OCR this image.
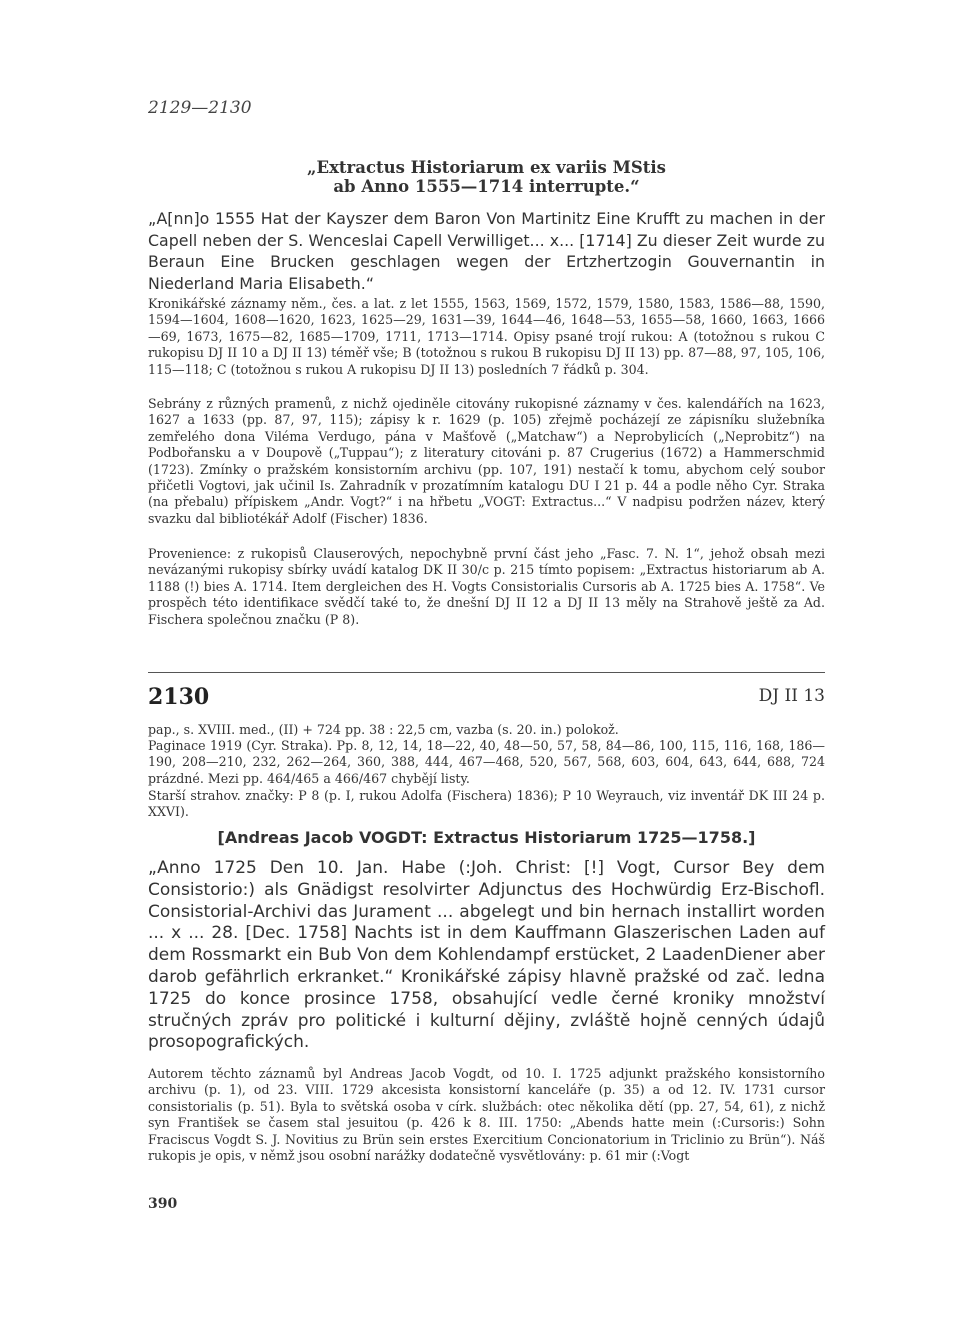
2129—2130
„Extractus Historiarum ex variis MStis
ab Anno 1555—1714 interrupte.“
„A[nn]o 1555 Hat der Kayszer dem Baron Von Martinitz Eine Krufft zu machen in der Capell neben der S. Wenceslai Capell Verwilliget... x... [1714] Zu dieser Zeit wurde zu Beraun Eine Brucken geschlagen wegen der Ertzhertzogin Gouvernantin in Niederland Maria Elisabeth.“
Kronikářské záznamy něm., čes. a lat. z let 1555, 1563, 1569, 1572, 1579, 1580, 1583, 1586—88, 1590, 1594—1604, 1608—1620, 1623, 1625—29, 1631—39, 1644—46, 1648—53, 1655—58, 1660, 1663, 1666—69, 1673, 1675—82, 1685—1709, 1711, 1713—1714. Opisy psané trojí rukou: A (totožnou s rukou C rukopisu DJ II 10 a DJ II 13) téměř vše; B (totožnou s rukou B rukopisu DJ II 13) pp. 87—88, 97, 105, 106, 115—118; C (totožnou s rukou A rukopisu DJ II 13) posledních 7 řádků p. 304.
Sebrány z různých pramenů, z nichž ojediněle citovány rukopisné záznamy v čes. kalendářích na 1623, 1627 a 1633 (pp. 87, 97, 115); zápisy k r. 1629 (p. 105) zřejmě pocházejí ze zápisníku služebníka zemřelého dona Viléma Verdugo, pána v Mašťově („Matchaw“) a Neprobylicích („Neprobitz“) na Podbořansku a v Doupově („Tuppau“); z literatury citováni p. 87 Crugerius (1672) a Hammerschmid (1723). Zmínky o pražském konsistorním archivu (pp. 107, 191) nestačí k tomu, abychom celý soubor přičetli Vogtovi, jak učinil Is. Zahradník v prozatímním katalogu DU I 21 p. 44 a podle něho Cyr. Straka (na přebalu) přípiskem „Andr. Vogt?“ i na hřbetu „VOGT: Extractus...“ V nadpisu podržen název, který svazku dal bibliotékář Adolf (Fischer) 1836.
Provenience: z rukopisů Clauserových, nepochybně první část jeho „Fasc. 7. N. 1“, jehož obsah mezi nevázanými rukopisy sbírky uvádí katalog DK II 30/c p. 215 tímto popisem: „Extractus historiarum ab A. 1188 (!) bies A. 1714. Item dergleichen des H. Vogts Consistorialis Cursoris ab A. 1725 bies A. 1758“. Ve prospěch této identifikace svědčí také to, že dnešní DJ II 12 a DJ II 13 měly na Strahově ještě za Ad. Fischera společnou značku (P 8).
2130	DJ II 13
pap., s. XVIII. med., (II) + 724 pp. 38 : 22,5 cm, vazba (s. 20. in.) polokož.
Paginace 1919 (Cyr. Straka). Pp. 8, 12, 14, 18—22, 40, 48—50, 57, 58, 84—86, 100, 115, 116, 168, 186—190, 208—210, 232, 262—264, 360, 388, 444, 467—468, 520, 567, 568, 603, 604, 643, 644, 688, 724 prázdné. Mezi pp. 464/465 a 466/467 chybějí listy.
Starší strahov. značky: P 8 (p. I, rukou Adolfa (Fischera) 1836); P 10 Weyrauch, viz inventář DK III 24 p. XXVI).
[Andreas Jacob VOGDT: Extractus Historiarum 1725—1758.]
„Anno 1725 Den 10. Jan. Habe (:Joh. Christ: [!] Vogt, Cursor Bey dem Consistorio:) als Gnädigst resolvirter Adjunctus des Hochwürdig Erz-Bischofl. Consistorial-Archivi das Jurament ... abgelegt und bin hernach installirt worden ... x ... 28. [Dec. 1758] Nachts ist in dem Kauffmann Glaszerischen Laden auf dem Rossmarkt ein Bub Von dem Kohlendampf erstücket, 2 LaadenDiener aber darob gefährlich erkranket.“ Kronikářské zápisy hlavně pražské od zač. ledna 1725 do konce prosince 1758, obsahující vedle černé kroniky množství stručných zpráv pro politické i kulturní dějiny, zvláště hojně cenných údajů prosopografických.
Autorem těchto záznamů byl Andreas Jacob Vogdt, od 10. I. 1725 adjunkt pražského konsistorního archivu (p. 1), od 23. VIII. 1729 akcesista konsistorní kanceláře (p. 35) a od 12. IV. 1731 cursor consistorialis (p. 51). Byla to světská osoba v círk. službách: otec několika dětí (pp. 27, 54, 61), z nichž syn František se časem stal jesuitou (p. 426 k 8. III. 1750: „Abends hatte mein (:Cursoris:) Sohn Fraciscus Vogdt S. J. Novitius zu Brün sein erstes Exercitium Concionatorium in Triclinio zu Brün“). Náš rukopis je opis, v němž jsou osobní narážky dodatečně vysvětlovány: p. 61 mir (:Vogt
390
